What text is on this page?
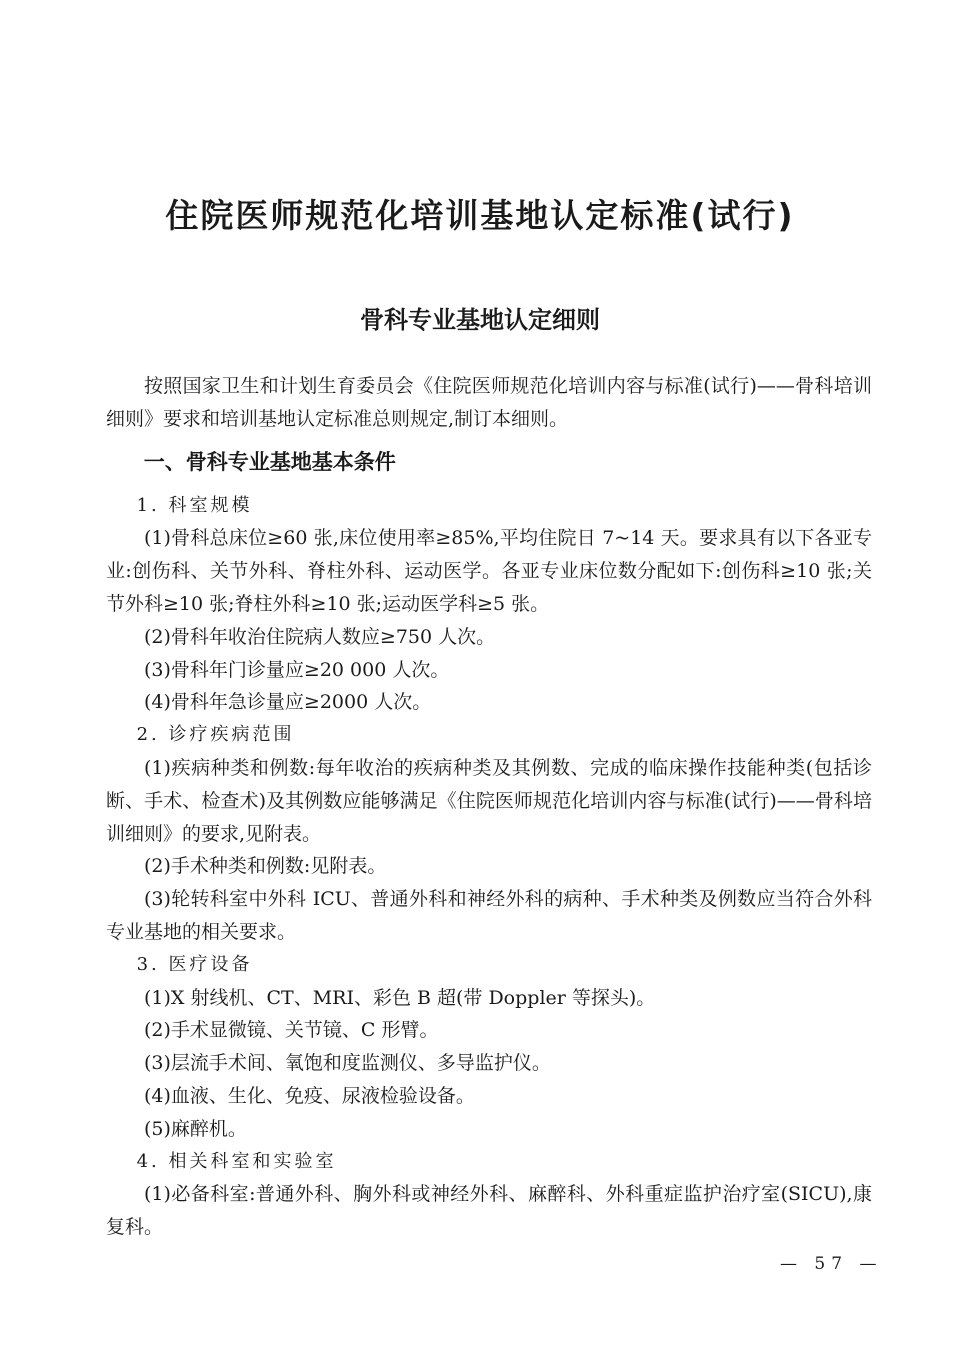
住院医师规范化培训基地认定标准(试行)
骨科专业基地认定细则

按照国家卫生和计划生育委员会《住院医师规范化培训内容与标准(试行)——骨科培训细则》要求和培训基地认定标准总则规定,制订本细则。

一、骨科专业基地基本条件

1. 科室规模

(1)骨科总床位≥60 张,床位使用率≥85%,平均住院日 7~14 天。要求具有以下各亚专业:创伤科、关节外科、脊柱外科、运动医学。各亚专业床位数分配如下:创伤科≥10 张;关节外科≥10 张;脊柱外科≥10 张;运动医学科≥5 张。

(2)骨科年收治住院病人数应≥750 人次。

(3)骨科年门诊量应≥20 000 人次。

(4)骨科年急诊量应≥2000 人次。

2. 诊疗疾病范围

(1)疾病种类和例数:每年收治的疾病种类及其例数、完成的临床操作技能种类(包括诊断、手术、检查术)及其例数应能够满足《住院医师规范化培训内容与标准(试行)——骨科培训细则》的要求,见附表。

(2)手术种类和例数:见附表。

(3)轮转科室中外科 ICU、普通外科和神经外科的病种、手术种类及例数应当符合外科专业基地的相关要求。

3. 医疗设备

(1)X 射线机、CT、MRI、彩色 B 超(带 Doppler 等探头)。

(2)手术显微镜、关节镜、C 形臂。

(3)层流手术间、氧饱和度监测仪、多导监护仪。

(4)血液、生化、免疫、尿液检验设备。

(5)麻醉机。

4. 相关科室和实验室

(1)必备科室:普通外科、胸外科或神经外科、麻醉科、外科重症监护治疗室(SICU),康复科。

— 57 —
